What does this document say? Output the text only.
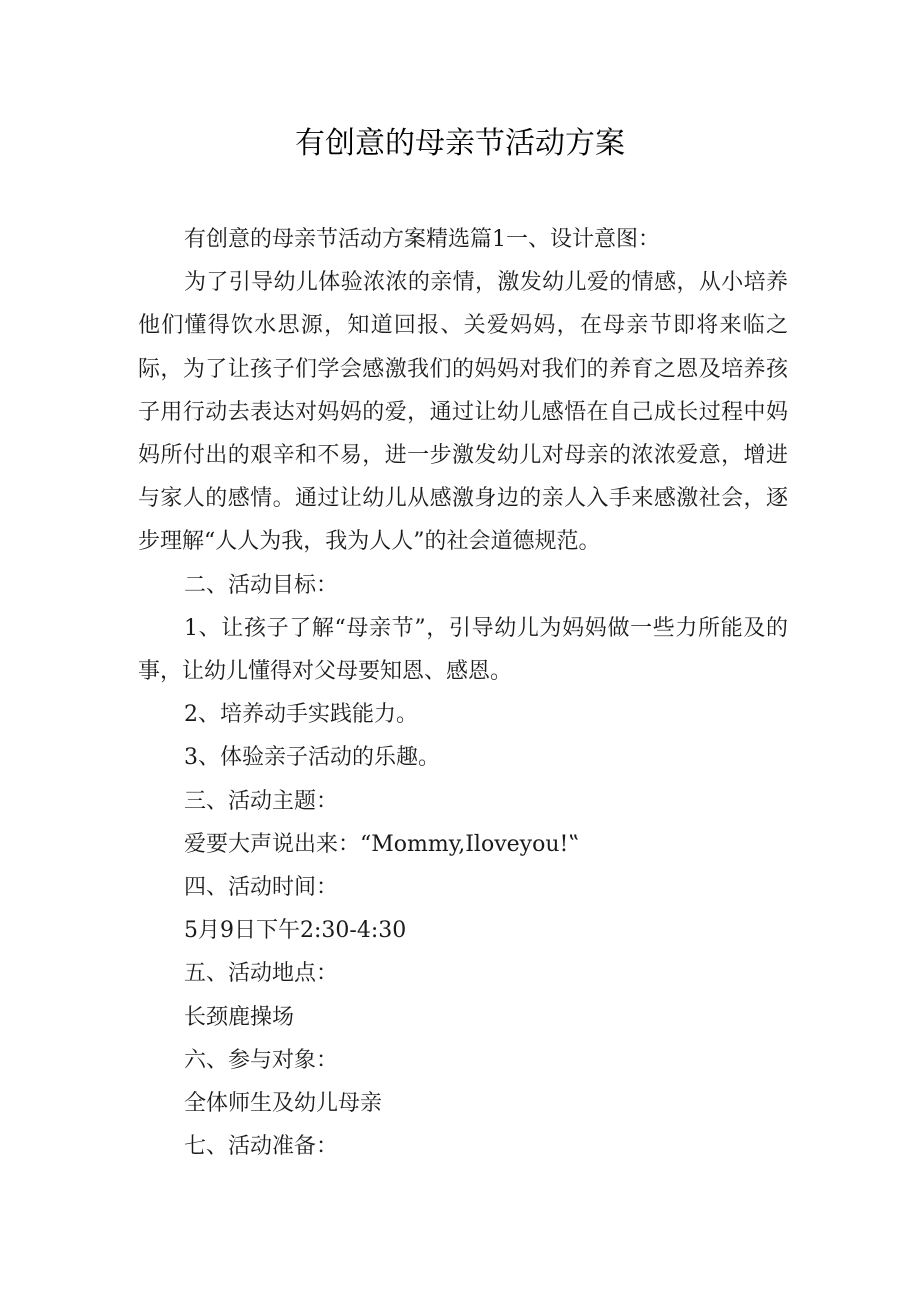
有创意的母亲节活动方案

有创意的母亲节活动方案精选篇1一、设计意图：

为了引导幼儿体验浓浓的亲情，激发幼儿爱的情感，从小培养他们懂得饮水思源，知道回报、关爱妈妈，在母亲节即将来临之际，为了让孩子们学会感激我们的妈妈对我们的养育之恩及培养孩子用行动去表达对妈妈的爱，通过让幼儿感悟在自己成长过程中妈妈所付出的艰辛和不易，进一步激发幼儿对母亲的浓浓爱意，增进与家人的感情。通过让幼儿从感激身边的亲人入手来感激社会，逐步理解“人人为我，我为人人”的社会道德规范。

二、活动目标：

1、让孩子了解“母亲节”，引导幼儿为妈妈做一些力所能及的事，让幼儿懂得对父母要知恩、感恩。

2、培养动手实践能力。

3、体验亲子活动的乐趣。

三、活动主题：

爱要大声说出来：“Mommy,Iloveyou!‟

四、活动时间：

5月9日下午2:30-4:30

五、活动地点：

长颈鹿操场

六、参与对象：

全体师生及幼儿母亲

七、活动准备：
